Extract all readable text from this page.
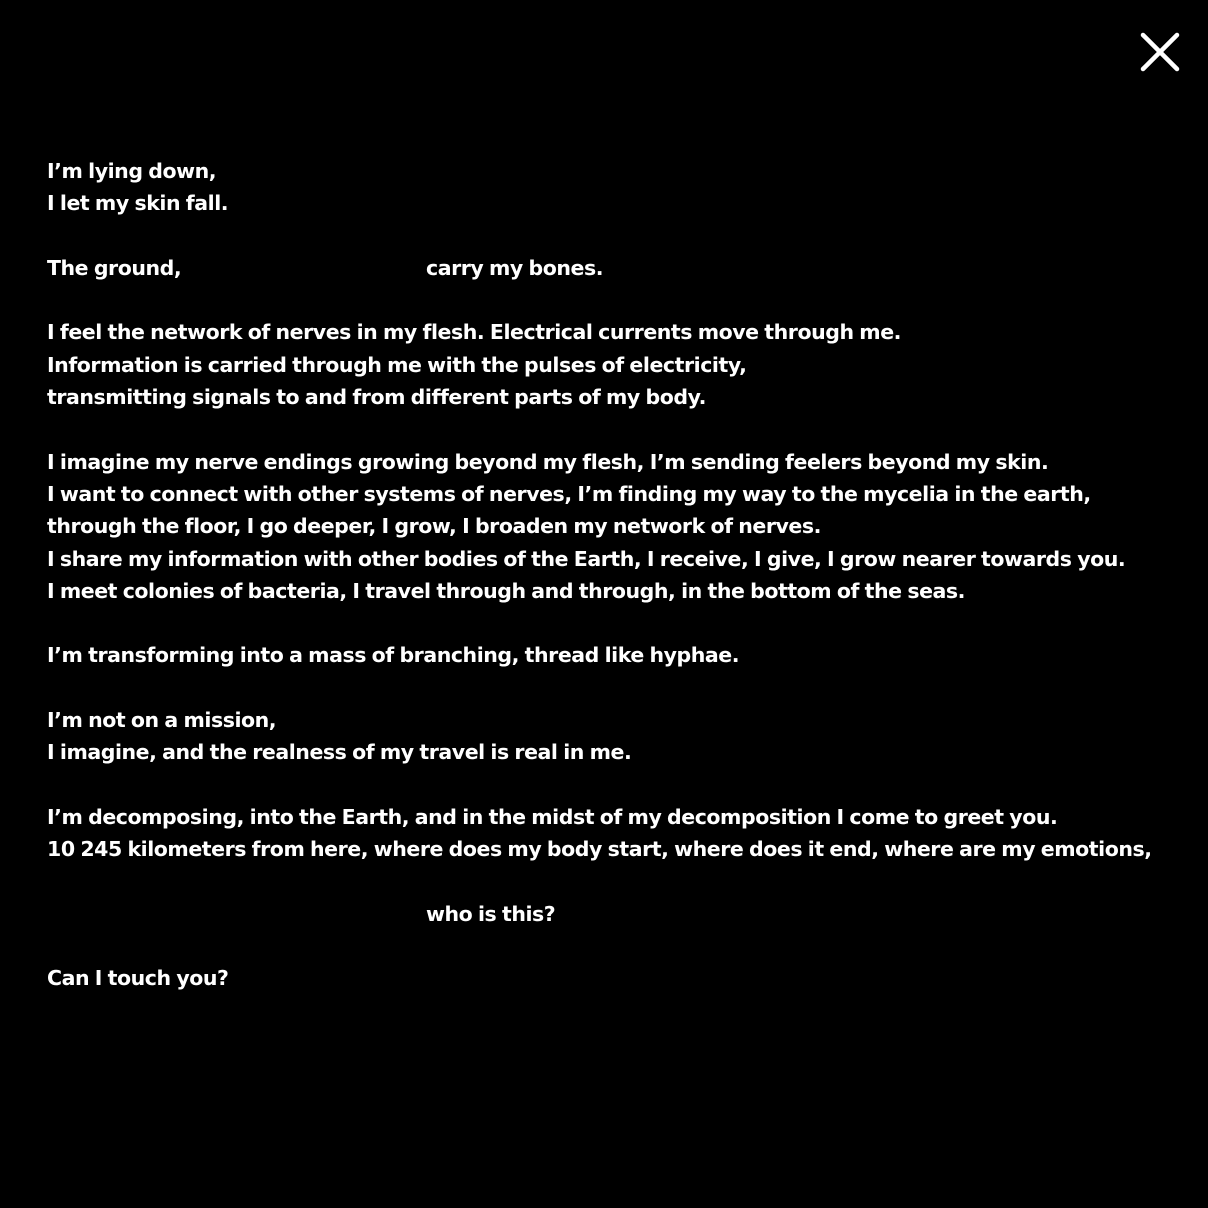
I’m lying down,
I let my skin fall.
The ground,	carry my bones.
I feel the network of nerves in my flesh. Electrical currents move through me.
Information is carried through me with the pulses of electricity,
transmitting signals to and from different parts of my body.
I imagine my nerve endings growing beyond my flesh, I’m sending feelers beyond my skin.
I want to connect with other systems of nerves, I’m finding my way to the mycelia in the earth,
through the floor, I go deeper, I grow, I broaden my network of nerves.
I share my information with other bodies of the Earth, I receive, I give, I grow nearer towards you.
I meet colonies of bacteria, I travel through and through, in the bottom of the seas.
I’m transforming into a mass of branching, thread like hyphae.
I’m not on a mission,
I imagine, and the realness of my travel is real in me.
I’m decomposing, into the Earth, and in the midst of my decomposition I come to greet you.
10 245 kilometers from here, where does my body start, where does it end, where are my emotions,
who is this?
Can I touch you?
